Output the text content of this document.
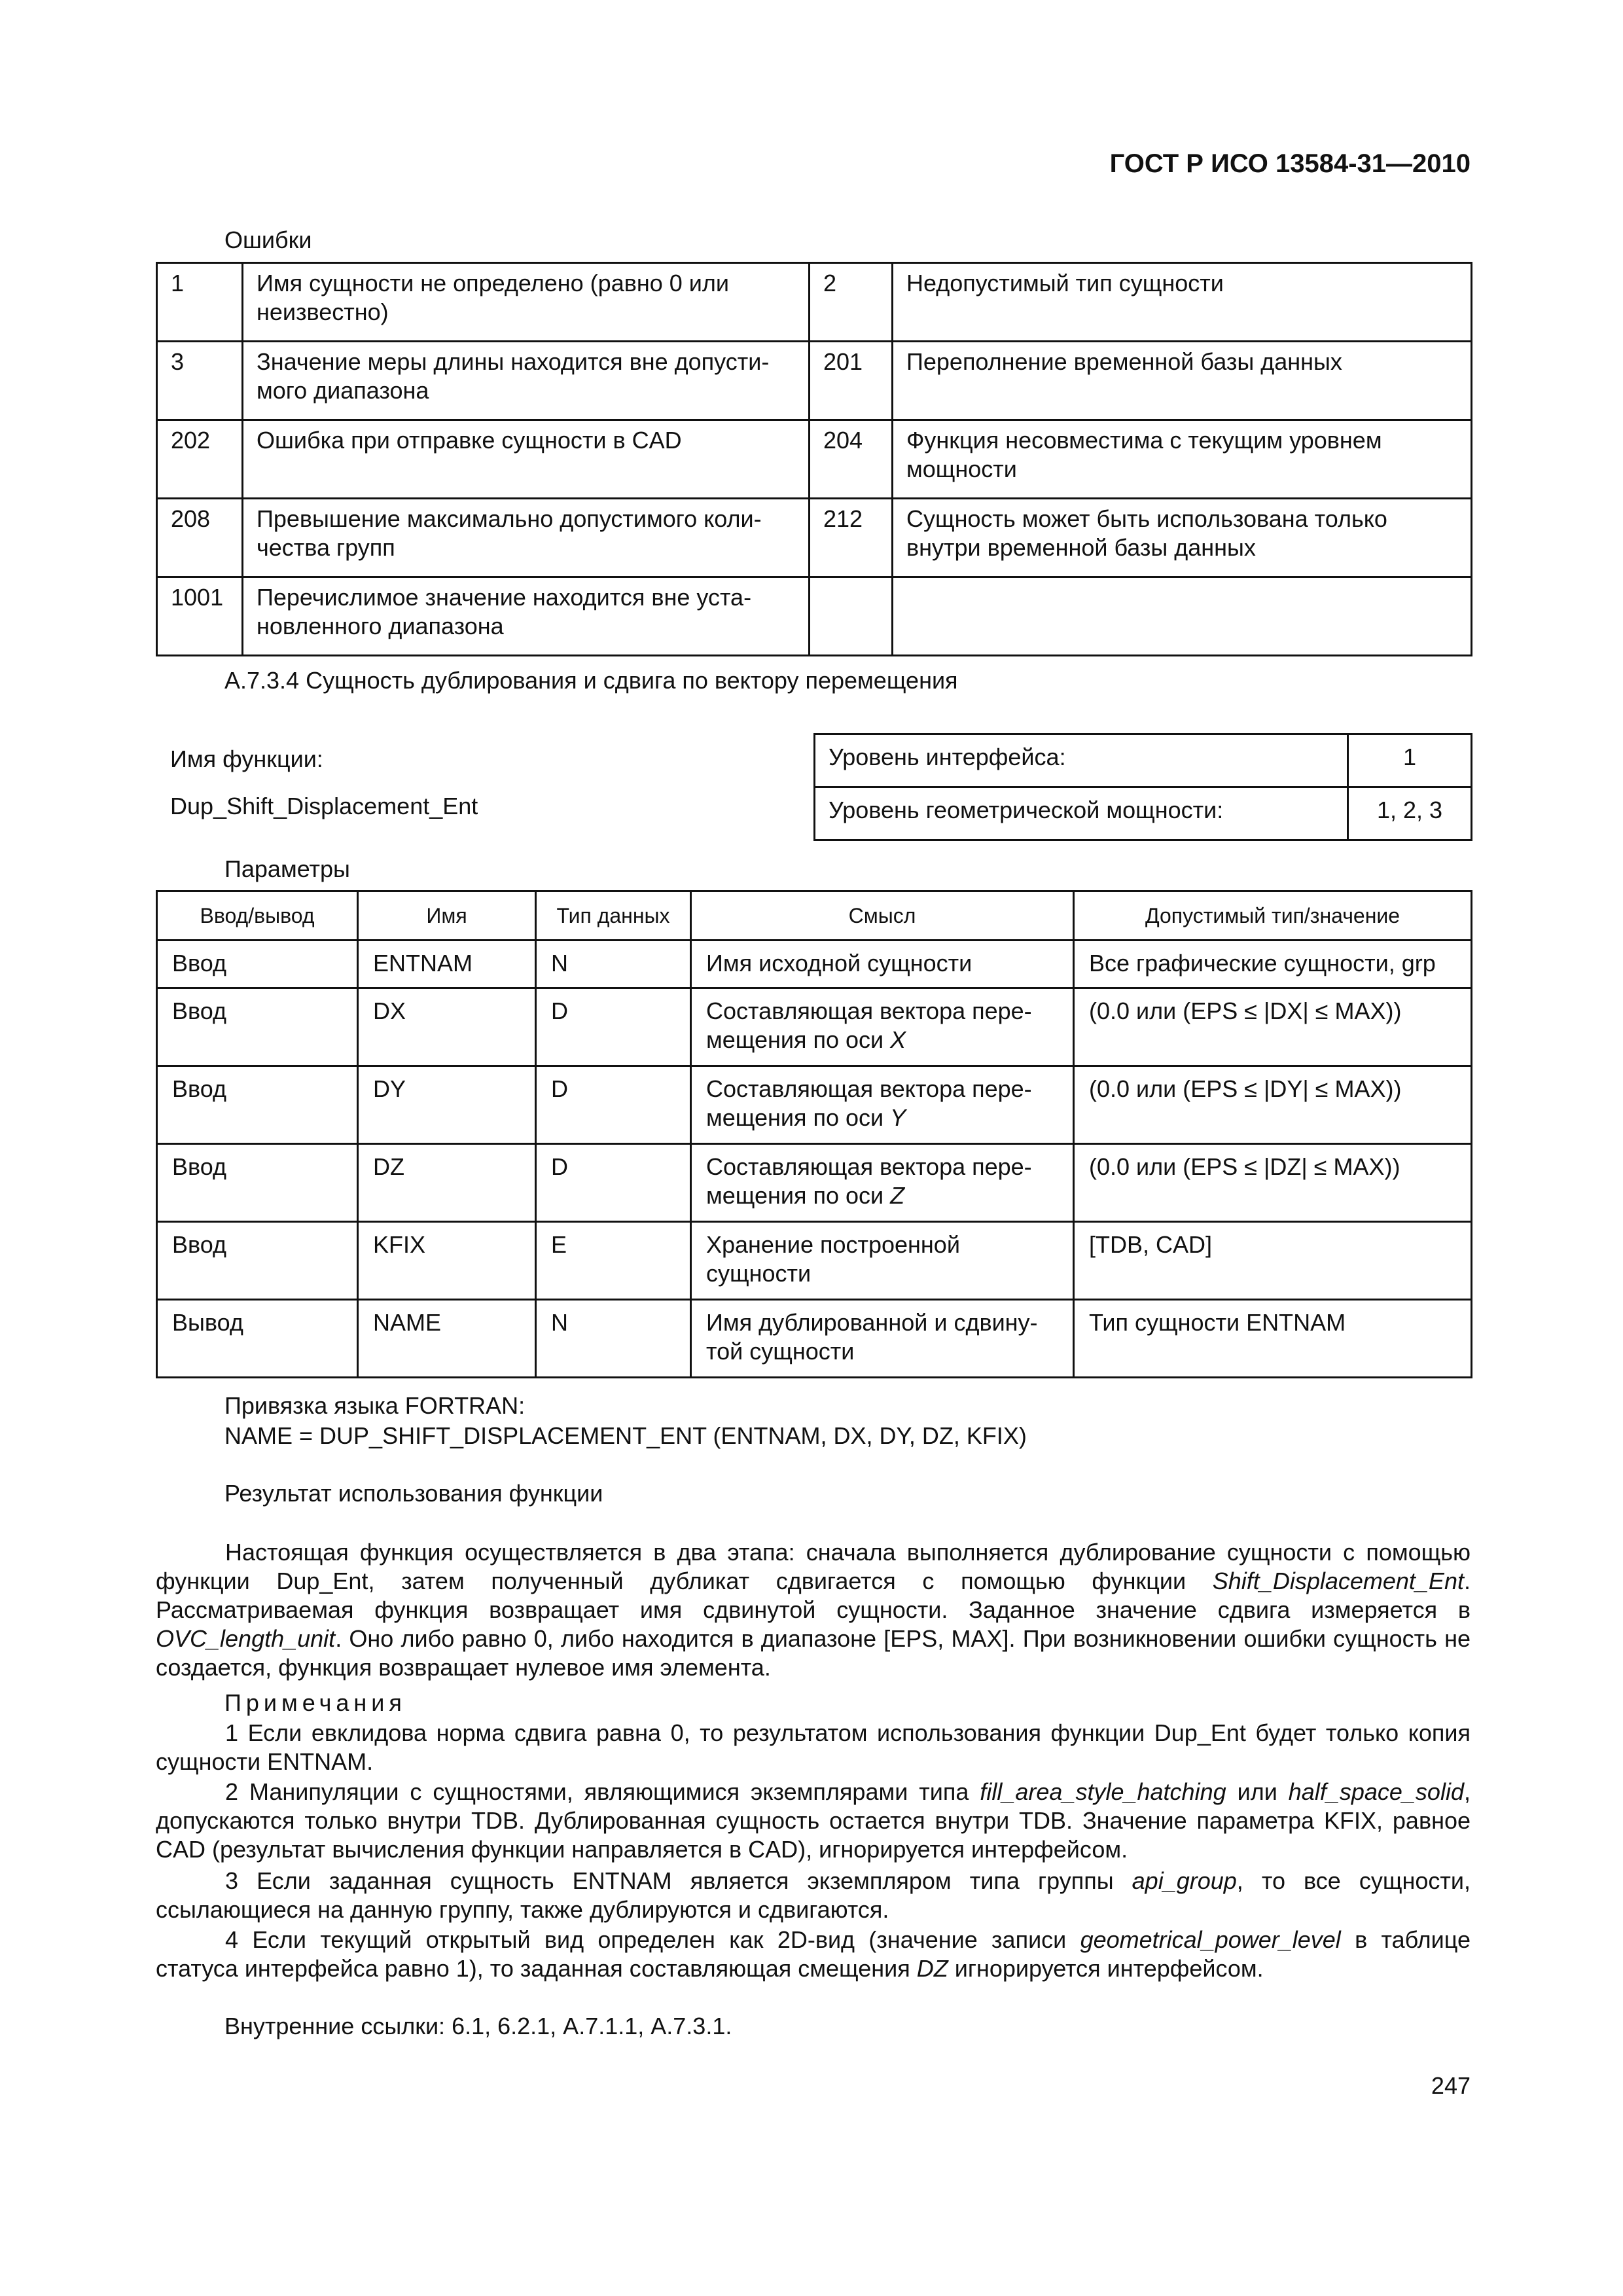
ГОСТ Р ИСО 13584-31—2010
Ошибки
1	Имя сущности не определено (равно 0 или неизвестно)	2	Недопустимый тип сущности
3	Значение меры длины находится вне допусти-мого диапазона	201	Переполнение временной базы данных
202	Ошибка при отправке сущности в CAD	204	Функция несовместима с текущим уровнем мощности
208	Превышение максимально допустимого коли-чества групп	212	Сущность может быть использована только внутри временной базы данных
1001	Перечислимое значение находится вне уста-новленного диапазона		
А.7.3.4 Сущность дублирования и сдвига по вектору перемещения
Имя функции:
Dup_Shift_Displacement_Ent
Уровень интерфейса:	1
Уровень геометрической мощности:	1, 2, 3
Параметры
Ввод/вывод	Имя	Тип данных	Смысл	Допустимый тип/значение
Ввод	ENTNAM	N	Имя исходной сущности	Все графические сущности, grp
Ввод	DX	D	Составляющая вектора пере-мещения по оси X	(0.0 или (EPS ≤ |DX| ≤ MAX))
Ввод	DY	D	Составляющая вектора пере-мещения по оси Y	(0.0 или (EPS ≤ |DY| ≤ MAX))
Ввод	DZ	D	Составляющая вектора пере-мещения по оси Z	(0.0 или (EPS ≤ |DZ| ≤ MAX))
Ввод	KFIX	E	Хранение построенной сущности	[TDB, CAD]
Вывод	NAME	N	Имя дублированной и сдвину-той сущности	Тип сущности ENTNAM
Привязка языка FORTRAN:
NAME = DUP_SHIFT_DISPLACEMENT_ENT (ENTNAM, DX, DY, DZ, KFIX)
Результат использования функции
Настоящая функция осуществляется в два этапа: сначала выполняется дублирование сущности с помощью функции Dup_Ent, затем полученный дубликат сдвигается с помощью функции Shift_Displacement_Ent. Рассматриваемая функция возвращает имя сдвинутой сущности. Заданное значение сдвига измеряется в OVC_length_unit. Оно либо равно 0, либо находится в диапазоне [EPS, MAX]. При возникновении ошибки сущность не создается, функция возвращает нулевое имя элемента.
Примечания
1 Если евклидова норма сдвига равна 0, то результатом использования функции Dup_Ent будет только копия сущности ENTNAM.
2 Манипуляции с сущностями, являющимися экземплярами типа fill_area_style_hatching или half_space_solid, допускаются только внутри TDB. Дублированная сущность остается внутри TDB. Значение параметра KFIX, равное CAD (результат вычисления функции направляется в CAD), игнорируется интерфейсом.
3 Если заданная сущность ENTNAM является экземпляром типа группы api_group, то все сущности, ссылающиеся на данную группу, также дублируются и сдвигаются.
4 Если текущий открытый вид определен как 2D-вид (значение записи geometrical_power_level в таблице статуса интерфейса равно 1), то заданная составляющая смещения DZ игнорируется интерфейсом.
Внутренние ссылки: 6.1, 6.2.1, А.7.1.1, А.7.3.1.
247
